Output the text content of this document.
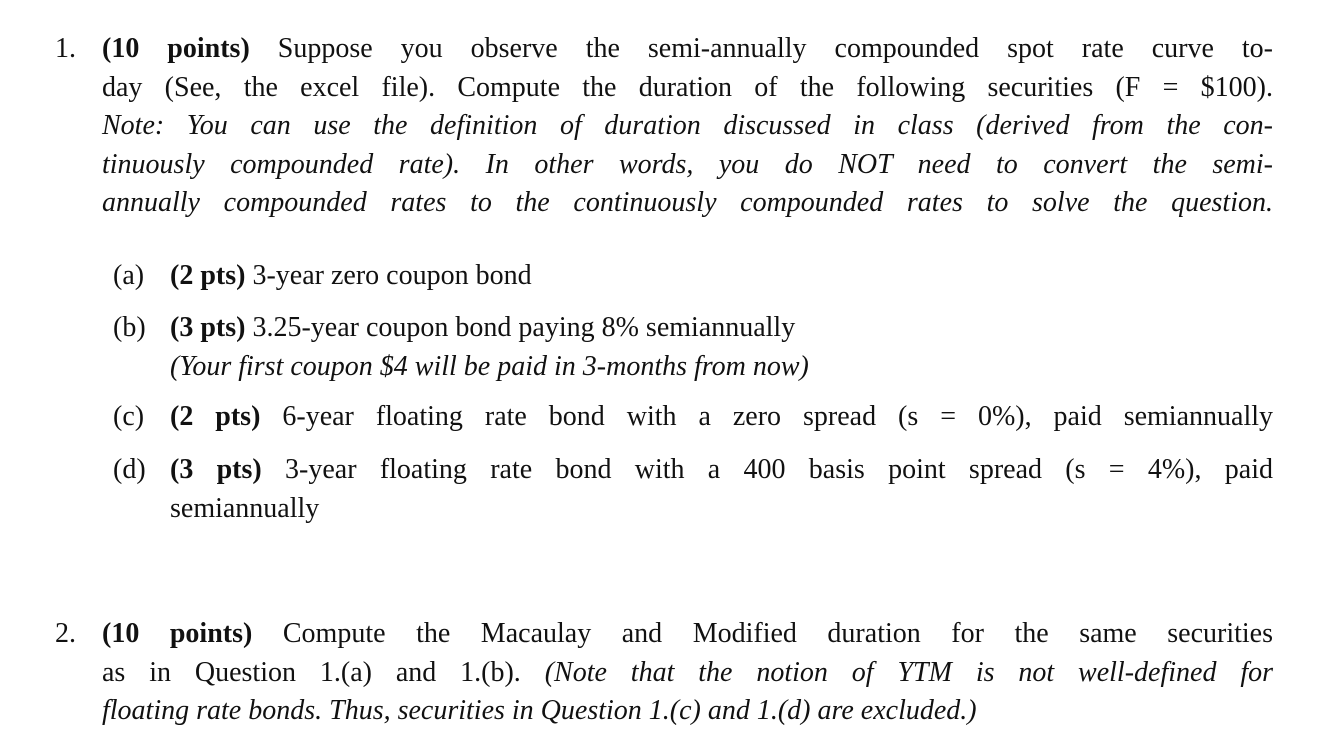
1. (10 points) Suppose you observe the semi-annually compounded spot rate curve to-
day (See, the excel file). Compute the duration of the following securities (F = $100).
Note: You can use the definition of duration discussed in class (derived from the con-
tinuously compounded rate). In other words, you do NOT need to convert the semi-
annually compounded rates to the continuously compounded rates to solve the question.
(a) (2 pts) 3-year zero coupon bond
(b) (3 pts) 3.25-year coupon bond paying 8% semiannually
(Your first coupon $4 will be paid in 3-months from now)
(c) (2 pts) 6-year floating rate bond with a zero spread (s = 0%), paid semiannually
(d) (3 pts) 3-year floating rate bond with a 400 basis point spread (s = 4%), paid
semiannually
2. (10 points) Compute the Macaulay and Modified duration for the same securities
as in Question 1.(a) and 1.(b). (Note that the notion of YTM is not well-defined for
floating rate bonds. Thus, securities in Question 1.(c) and 1.(d) are excluded.)
